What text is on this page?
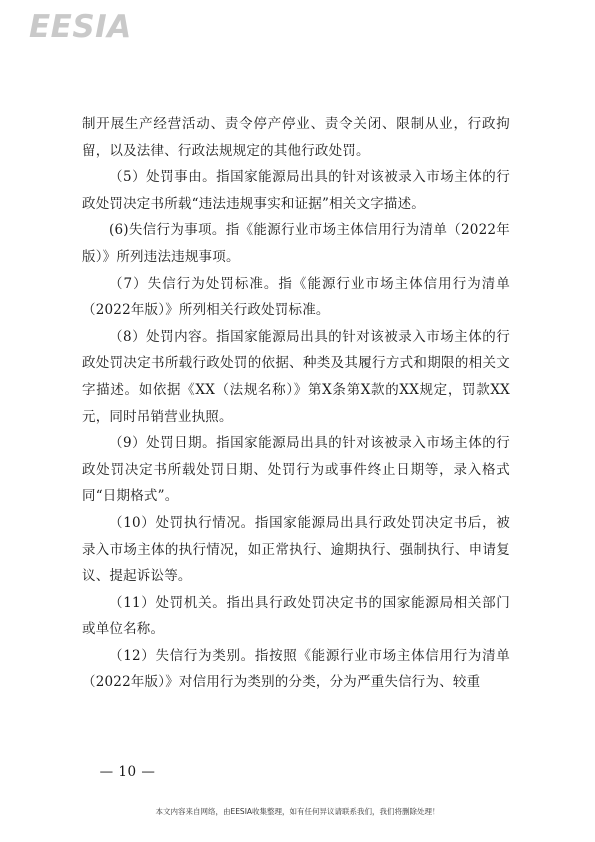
EESIA

制开展生产经营活动、责令停产停业、责令关闭、限制从业，行政拘留，以及法律、行政法规规定的其他行政处罚。

（5）处罚事由。指国家能源局出具的针对该被录入市场主体的行政处罚决定书所载“违法违规事实和证据”相关文字描述。

(6)失信行为事项。指《能源行业市场主体信用行为清单（2022年版）》所列违法违规事项。

（7）失信行为处罚标准。指《能源行业市场主体信用行为清单（2022年版）》所列相关行政处罚标准。

（8）处罚内容。指国家能源局出具的针对该被录入市场主体的行政处罚决定书所载行政处罚的依据、种类及其履行方式和期限的相关文字描述。如依据《XX（法规名称）》第X条第X款的XX规定，罚款XX元，同时吊销营业执照。

（9）处罚日期。指国家能源局出具的针对该被录入市场主体的行政处罚决定书所载处罚日期、处罚行为或事件终止日期等，录入格式同“日期格式”。

（10）处罚执行情况。指国家能源局出具行政处罚决定书后，被录入市场主体的执行情况，如正常执行、逾期执行、强制执行、申请复议、提起诉讼等。

（11）处罚机关。指出具行政处罚决定书的国家能源局相关部门或单位名称。

（12）失信行为类别。指按照《能源行业市场主体信用行为清单（2022年版）》对信用行为类别的分类，分为严重失信行为、较重

— 10 —
本文内容来自网络，由EESIA收集整理，如有任何异议请联系我们，我们将删除处理！
